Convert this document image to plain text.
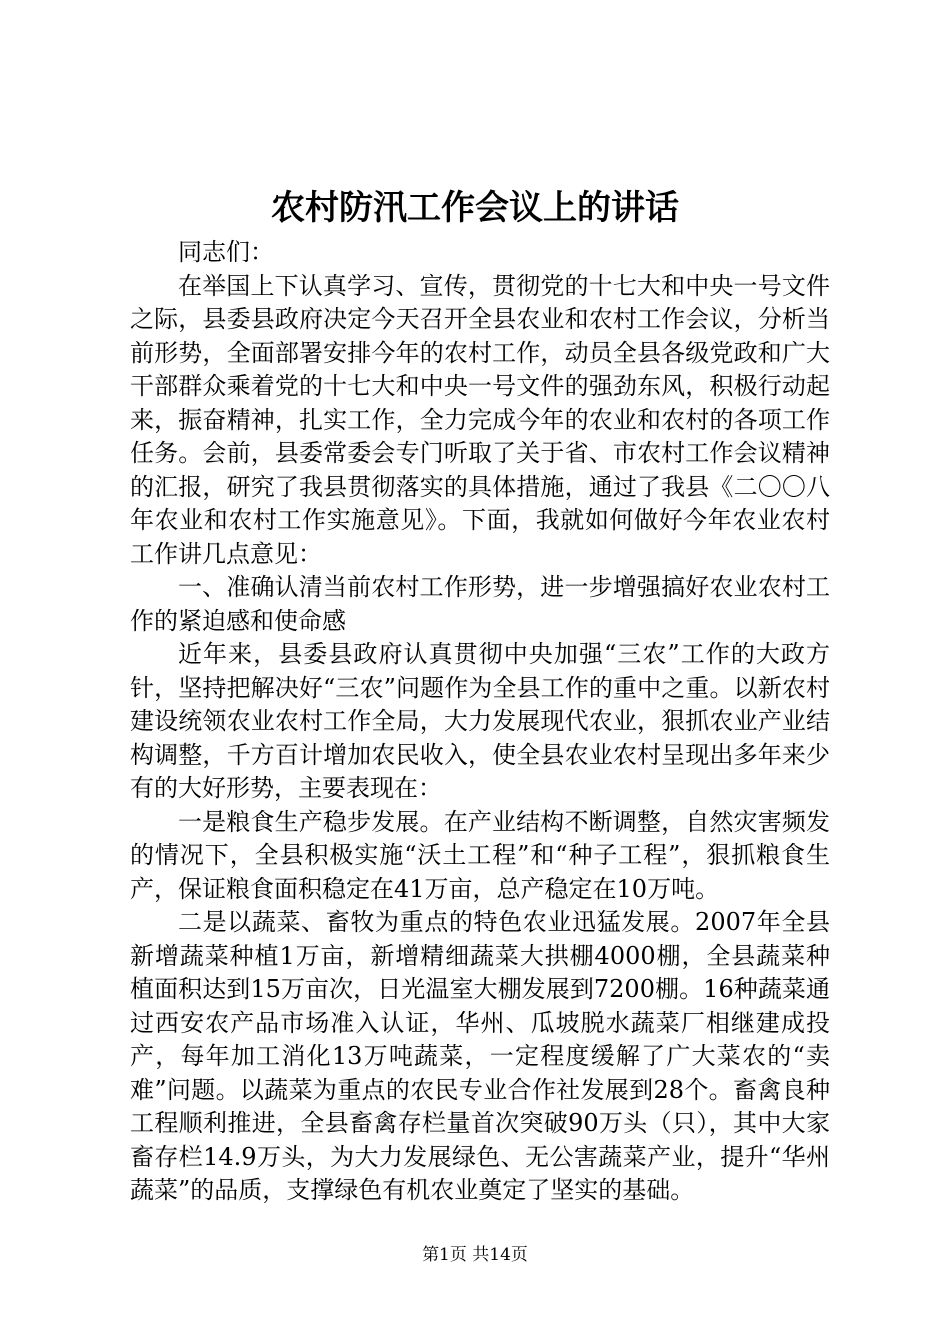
农村防汛工作会议上的讲话

同志们：

在举国上下认真学习、宣传，贯彻党的十七大和中央一号文件之际，县委县政府决定今天召开全县农业和农村工作会议，分析当前形势，全面部署安排今年的农村工作，动员全县各级党政和广大干部群众乘着党的十七大和中央一号文件的强劲东风，积极行动起来，振奋精神，扎实工作，全力完成今年的农业和农村的各项工作任务。会前，县委常委会专门听取了关于省、市农村工作会议精神的汇报，研究了我县贯彻落实的具体措施，通过了我县《二〇〇八年农业和农村工作实施意见》。下面，我就如何做好今年农业农村工作讲几点意见：

一、准确认清当前农村工作形势，进一步增强搞好农业农村工作的紧迫感和使命感

近年来，县委县政府认真贯彻中央加强“三农”工作的大政方针，坚持把解决好“三农”问题作为全县工作的重中之重。以新农村建设统领农业农村工作全局，大力发展现代农业，狠抓农业产业结构调整，千方百计增加农民收入，使全县农业农村呈现出多年来少有的大好形势，主要表现在：

一是粮食生产稳步发展。在产业结构不断调整，自然灾害频发的情况下，全县积极实施“沃土工程”和“种子工程”，狠抓粮食生产，保证粮食面积稳定在41万亩，总产稳定在10万吨。

二是以蔬菜、畜牧为重点的特色农业迅猛发展。2007年全县新增蔬菜种植1万亩，新增精细蔬菜大拱棚4000棚，全县蔬菜种植面积达到15万亩次，日光温室大棚发展到7200棚。16种蔬菜通过西安农产品市场准入认证，华州、瓜坡脱水蔬菜厂相继建成投产，每年加工消化13万吨蔬菜，一定程度缓解了广大菜农的“卖难”问题。以蔬菜为重点的农民专业合作社发展到28个。畜禽良种工程顺利推进，全县畜禽存栏量首次突破90万头（只），其中大家畜存栏14.9万头，为大力发展绿色、无公害蔬菜产业，提升“华州蔬菜”的品质，支撑绿色有机农业奠定了坚实的基础。

第1页 共14页
